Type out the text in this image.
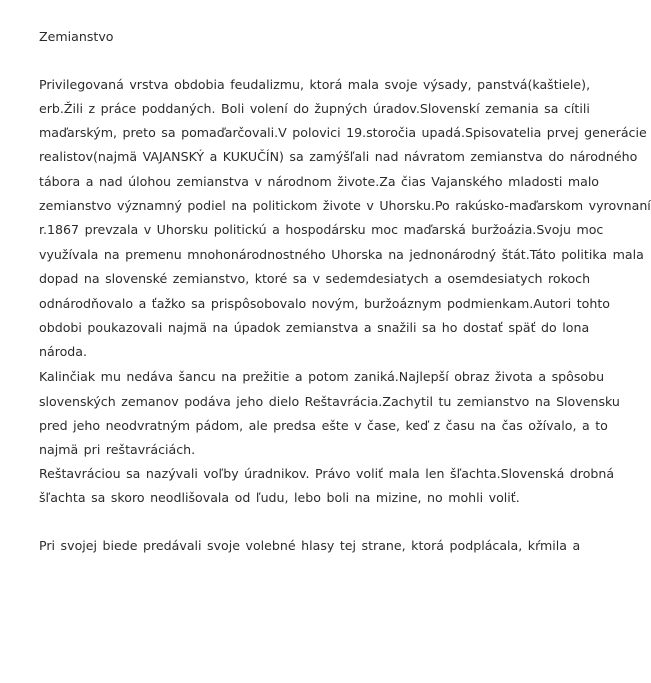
Zemianstvo
Privilegovaná vrstva obdobia feudalizmu, ktorá mala svoje výsady, panstvá(kaštiele),
erb.Žili z práce poddaných. Boli volení do župných úradov.Slovenskí zemania sa cítili
maďarským, preto sa pomaďarčovali.V polovici 19.storočia upadá.Spisovatelia prvej generácie
realistov(najmä VAJANSKÝ a KUKUČÍN) sa zamýšľali nad návratom zemianstva do národného
tábora a nad úlohou zemianstva v národnom živote.Za čias Vajanského mladosti malo
zemianstvo významný podiel na politickom živote v Uhorsku.Po rakúsko-maďarskom vyrovnaní
r.1867 prevzala v Uhorsku politickú a hospodársku moc maďarská buržoázia.Svoju moc
využívala na premenu mnohonárodnostného Uhorska na jednonárodný štát.Táto politika mala
dopad na slovenské zemianstvo, ktoré sa v sedemdesiatych a osemdesiatych rokoch
odnárodňovalo a ťažko sa prispôsobovalo novým, buržoáznym podmienkam.Autori tohto
obdobi poukazovali najmä na úpadok zemianstva a snažili sa ho dostať späť do lona
národa.
Kalinčiak mu nedáva šancu na prežitie a potom zaniká.Najlepší obraz života a spôsobu
slovenských zemanov podáva jeho dielo Reštavrácia.Zachytil tu zemianstvo na Slovensku
pred jeho neodvratným pádom, ale predsa ešte v čase, keď z času na čas ožívalo, a to
najmä pri reštavráciách.
Reštavráciou sa nazývali voľby úradnikov. Právo voliť mala len šľachta.Slovenská drobná
šľachta sa skoro neodlišovala od ľudu, lebo boli na mizine, no mohli voliť.
Pri svojej biede predávali svoje volebné hlasy tej strane, ktorá podplácala, kŕmila a
